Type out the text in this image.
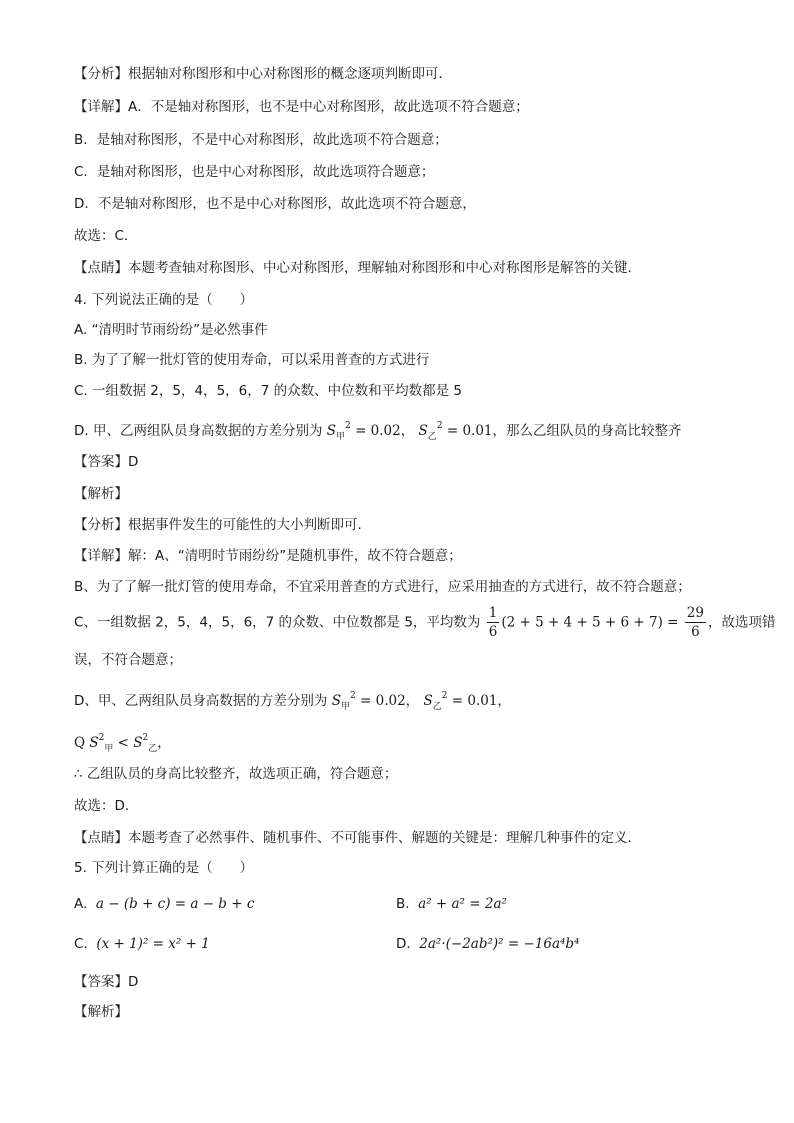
【分析】根据轴对称图形和中心对称图形的概念逐项判断即可．
【详解】A．不是轴对称图形，也不是中心对称图形，故此选项不符合题意；
B．是轴对称图形，不是中心对称图形，故此选项不符合题意；
C．是轴对称图形，也是中心对称图形，故此选项符合题意；
D．不是轴对称图形，也不是中心对称图形，故此选项不符合题意，
故选：C．
【点睛】本题考查轴对称图形、中心对称图形，理解轴对称图形和中心对称图形是解答的关键．
4. 下列说法正确的是（　　）
A. “清明时节雨纷纷”是必然事件
B. 为了了解一批灯管的使用寿命，可以采用普查的方式进行
C. 一组数据 2，5，4，5，6，7 的众数、中位数和平均数都是 5
D. 甲、乙两组队员身高数据的方差分别为 $S_甲^2 = 0.02$， $S_乙^2 = 0.01$，那么乙组队员的身高比较整齐
【答案】D
【解析】
【分析】根据事件发生的可能性的大小判断即可．
【详解】解：A、“清明时节雨纷纷”是随机事件，故不符合题意；
B、为了了解一批灯管的使用寿命，不宜采用普查的方式进行，应采用抽查的方式进行，故不符合题意；
C、一组数据 2，5，4，5，6，7 的众数、中位数都是 5，平均数为 $\frac{1}{6} (2 + 5 + 4 + 5 + 6 + 7) = \frac{29}{6}$ ，故选项错
误，不符合题意；
D、甲、乙两组队员身高数据的方差分别为 $S_甲^2 = 0.02$， $S_乙^2 = 0.01$，
Q $S^2_甲 < S^2_乙$，
∴ 乙组队员的身高比较整齐，故选项正确，符合题意；
故选：D．
【点睛】本题考查了必然事件、随机事件、不可能事件、解题的关键是：理解几种事件的定义．
5. 下列计算正确的是（　　）
A. a − (b + c) = a − b + c	B. a² + a² = 2a²
C. (x + 1)² = x² + 1	D. 2a²·(−2ab²)² = −16a⁴b⁴
【答案】D
【解析】
